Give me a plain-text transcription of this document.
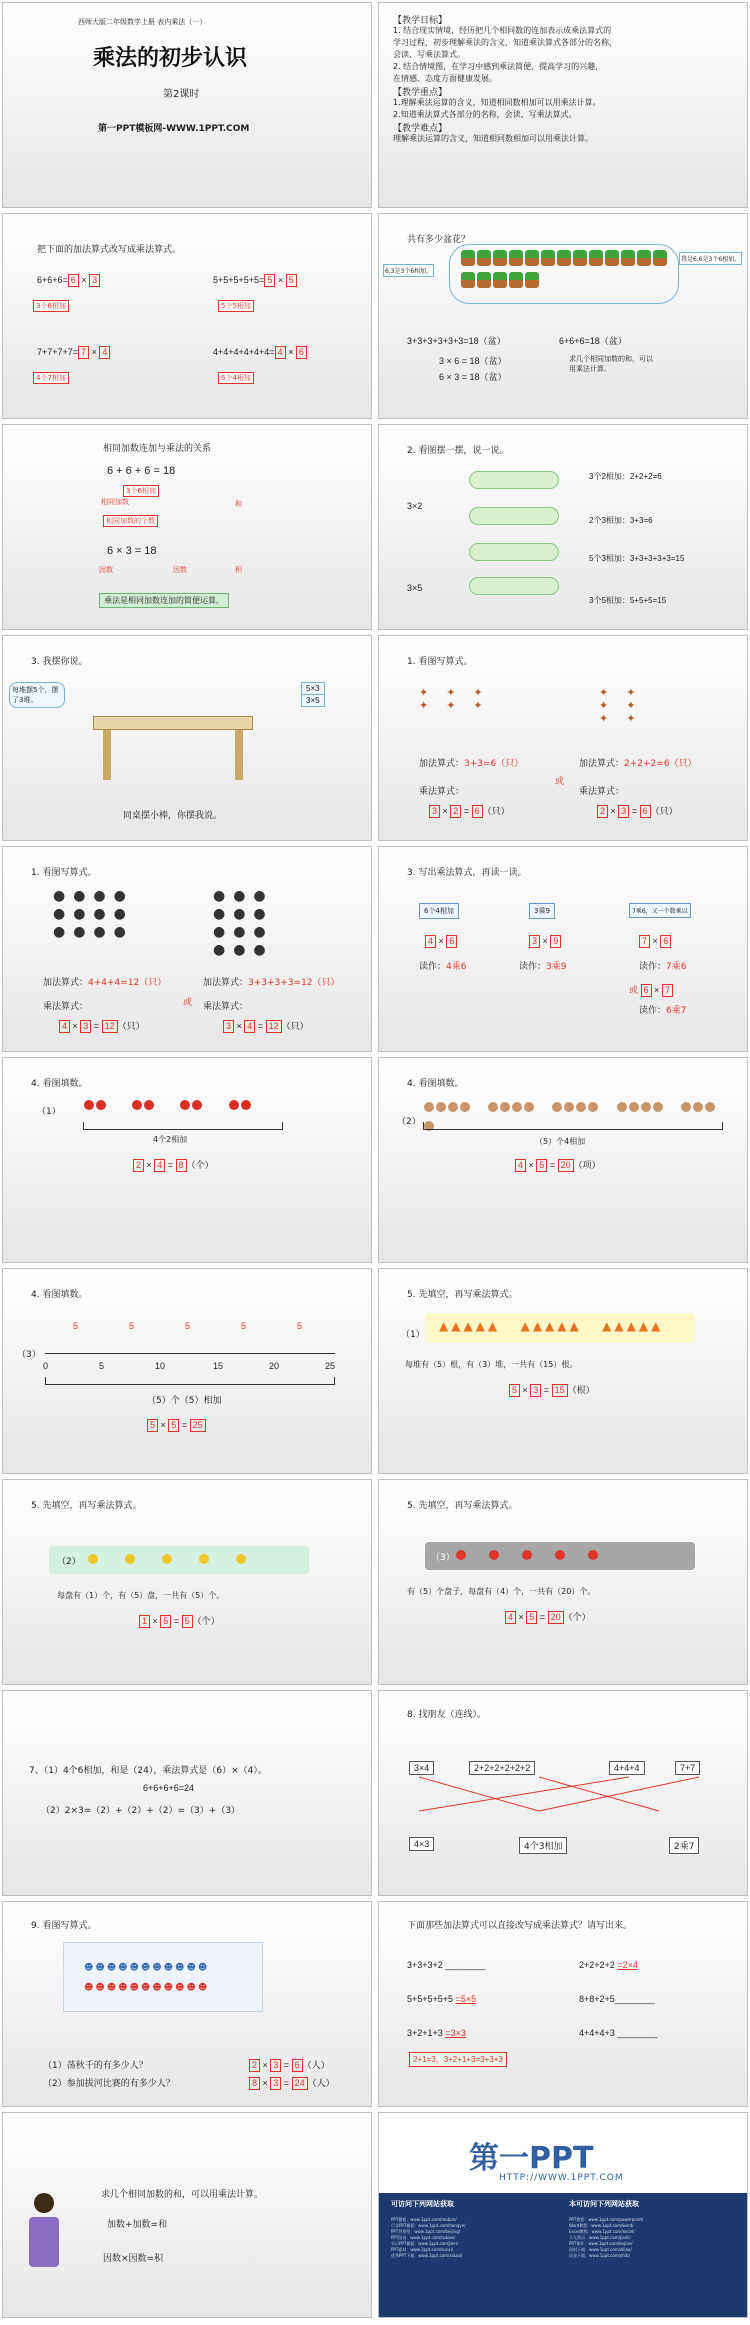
西师大版二年级数学上册 表内乘法（一）
乘法的初步认识
第2课时
第一PPT模板网-WWW.1PPT.COM
【教学目标】
1. 结合现实情境，经历把几个相同数的连加表示成乘法算式的
学习过程，初步理解乘法的含义，知道乘法算式各部分的名称，
会读、写乘法算式。
2. 结合情境图，在学习中感到乘法简便，提高学习的兴趣，
在情感、态度方面健康发展。
【教学重点】
1.理解乘法运算的含义，知道相同数相加可以用乘法计算。
2.知道乘法算式各部分的名称，会读、写乘法算式。
【教学难点】
理解乘法运算的含义，知道相同数相加可以用乘法计算。
把下面的加法算式改写成乘法算式。
6+6+6= 6 × 3
3个6相加
5+5+5+5+5= 5 × 5
5个5相加
7+7+7+7= 7 × 4
4个7相加
4+4+4+4+4+4= 4 × 6
6个4相加
共有多少盆花？
6,3是3个6相加。
我是6,6是3个6相加。
3+3+3+3+3+3=18（盆）	6+6+6=18（盆）
3 × 6 = 18（盆）
6 × 3 = 18（盆）
求几个相同加数的和，可以用乘法计算。
相同加数连加与乘法的关系
6 + 6 + 6 = 18
3个6相加
相同加数	和
相同加数的个数
6 × 3 = 18
因数	因数	积
乘法是相同加数连加的简便运算。
2. 看图摆一摆，说一说。
3×2
3×5
3个2相加：2+2+2=6
2个3相加：3+3=6
5个3相加：3+3+3+3+3=15
3个5相加：5+5+5=15
3. 我摆你说。
每堆摆5个，摆了3堆。
5×3
3×5
同桌摆小棒，你摆我说。
1. 看图写算式。
✦✦✦
✦✦✦
✦✦
✦✦
✦✦
加法算式：3+3=6（只）	加法算式：2+2+2=6（只）
或
乘法算式：	乘法算式：
3 × 2 = 6 （只）	2 × 3 = 6 （只）
1. 看图写算式。
●●●●
●●●●
●●●●
●●●
●●●
●●●
●●●
加法算式：4+4+4=12（只）	加法算式：3+3+3+3=12（只）
或
乘法算式：	乘法算式：
4 × 3 = 12 （只）	3 × 4 = 12 （只）
3. 写出乘法算式，再读一读。
6个4相加	3乘9	7乘6，又一个数乘以
4 × 6	3 × 9	7 × 6
读作：4乘6	读作：3乘9	读作：7乘6
或 6 × 7
读作：6乘7
4. 看图填数。
（1）

4个2相加
2 × 4 = 8 （个）
4. 看图填数。
（2）

（5）个4相加
4 × 5 = 20 （项）
4. 看图填数。
（3）
0	5	10	15	20	25
5	5	5	5	5
（5）个（5）相加
5 × 5 = 25
5. 先填空，再写乘法算式。
（1）
▲▲▲▲▲   ▲▲▲▲▲   ▲▲▲▲▲
每堆有（5）根，有（3）堆，一共有（15）根。
5 × 3 = 15 （根）
5. 先填空，再写乘法算式。
（2）
每盘有（1）个，有（5）盘，一共有（5）个。
1 × 5 = 5 （个）
5. 先填空，再写乘法算式。
（3）
有（5）个盘子，每盘有（4）个，一共有（20）个。
4 × 5 = 20 （个）
7、（1）4个6相加，和是（24），乘法算式是（6）×（4）。
6+6+6+6=24
（2）2×3=（2）+（2）+（2）=（3）+（3）
8. 找朋友（连线）。
3×4	2+2+2+2+2+2	4+4+4	7+7
4×3	4个3相加	2乘7
9. 看图写算式。
☻☻☻☻☻☻☻☻☻☻☻
☻☻☻☻☻☻☻☻☻☻☻
（1）荡秋千的有多少人？
（2）参加拔河比赛的有多少人？
2 × 3 = 6 （人）
8 × 3 = 24 （人）
下面那些加法算式可以直接改写成乘法算式？请写出来。
3+3+3+2 ________	2+2+2+2 =2×4
5+5+5+5+5 =5×5	8+8+2+5________
3+2+1+3 =3×3	4+4+4+3 ________
2+1=3，3+2+1+3=3+3+3
求几个相同加数的和，可以用乘法计算。
加数+加数=和
因数×因数=积
第一PPT
HTTP://WWW.1PPT.COM
可访问下列网站获取	本可访问下列网站获取
PPT模板：www.1ppt.com/moban/
行业PPT模板：www.1ppt.com/hangye/
PPT背景图：www.1ppt.com/beijing/
PPT图表：www.1ppt.com/tubiao/
节日PPT模板：www.1ppt.com/jieri/
PPT素材：www.1ppt.com/sucai/
优秀PPT下载：www.1ppt.com/xiazai/
PPT教程：www.1ppt.com/powerpoint/
Word教程：www.1ppt.com/word/
Excel教程：www.1ppt.com/excel/
个人简历：www.1ppt.com/jianli/
PPT课件：www.1ppt.com/kejian/
资料下载：www.1ppt.com/ziliao/
试卷下载：www.1ppt.com/shiti/
